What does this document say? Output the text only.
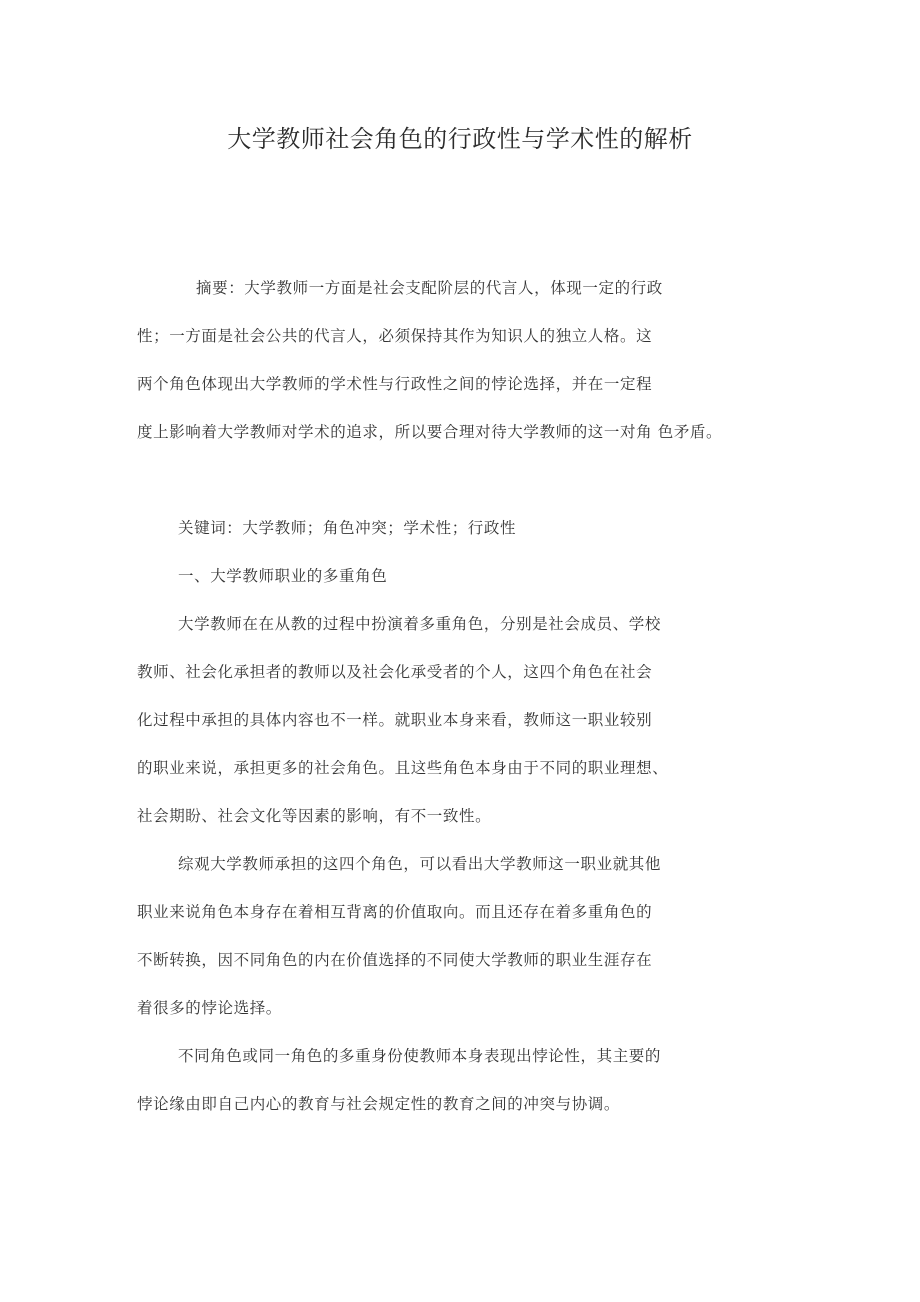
大学教师社会角色的行政性与学术性的解析
摘要：大学教师一方面是社会支配阶层的代言人，体现一定的行政
性；一方面是社会公共的代言人，必须保持其作为知识人的独立人格。这
两个角色体现出大学教师的学术性与行政性之间的悖论选择，并在一定程
度上影响着大学教师对学术的追求，所以要合理对待大学教师的这一对角 色矛盾。
关键词：大学教师；角色冲突；学术性；行政性
一、大学教师职业的多重角色
大学教师在在从教的过程中扮演着多重角色，分别是社会成员、学校
教师、社会化承担者的教师以及社会化承受者的个人，这四个角色在社会
化过程中承担的具体内容也不一样。就职业本身来看，教师这一职业较别
的职业来说，承担更多的社会角色。且这些角色本身由于不同的职业理想、
社会期盼、社会文化等因素的影响，有不一致性。
综观大学教师承担的这四个角色，可以看出大学教师这一职业就其他
职业来说角色本身存在着相互背离的价值取向。而且还存在着多重角色的
不断转换，因不同角色的内在价值选择的不同使大学教师的职业生涯存在
着很多的悖论选择。
不同角色或同一角色的多重身份使教师本身表现出悖论性，其主要的
悖论缘由即自己内心的教育与社会规定性的教育之间的冲突与协调。
